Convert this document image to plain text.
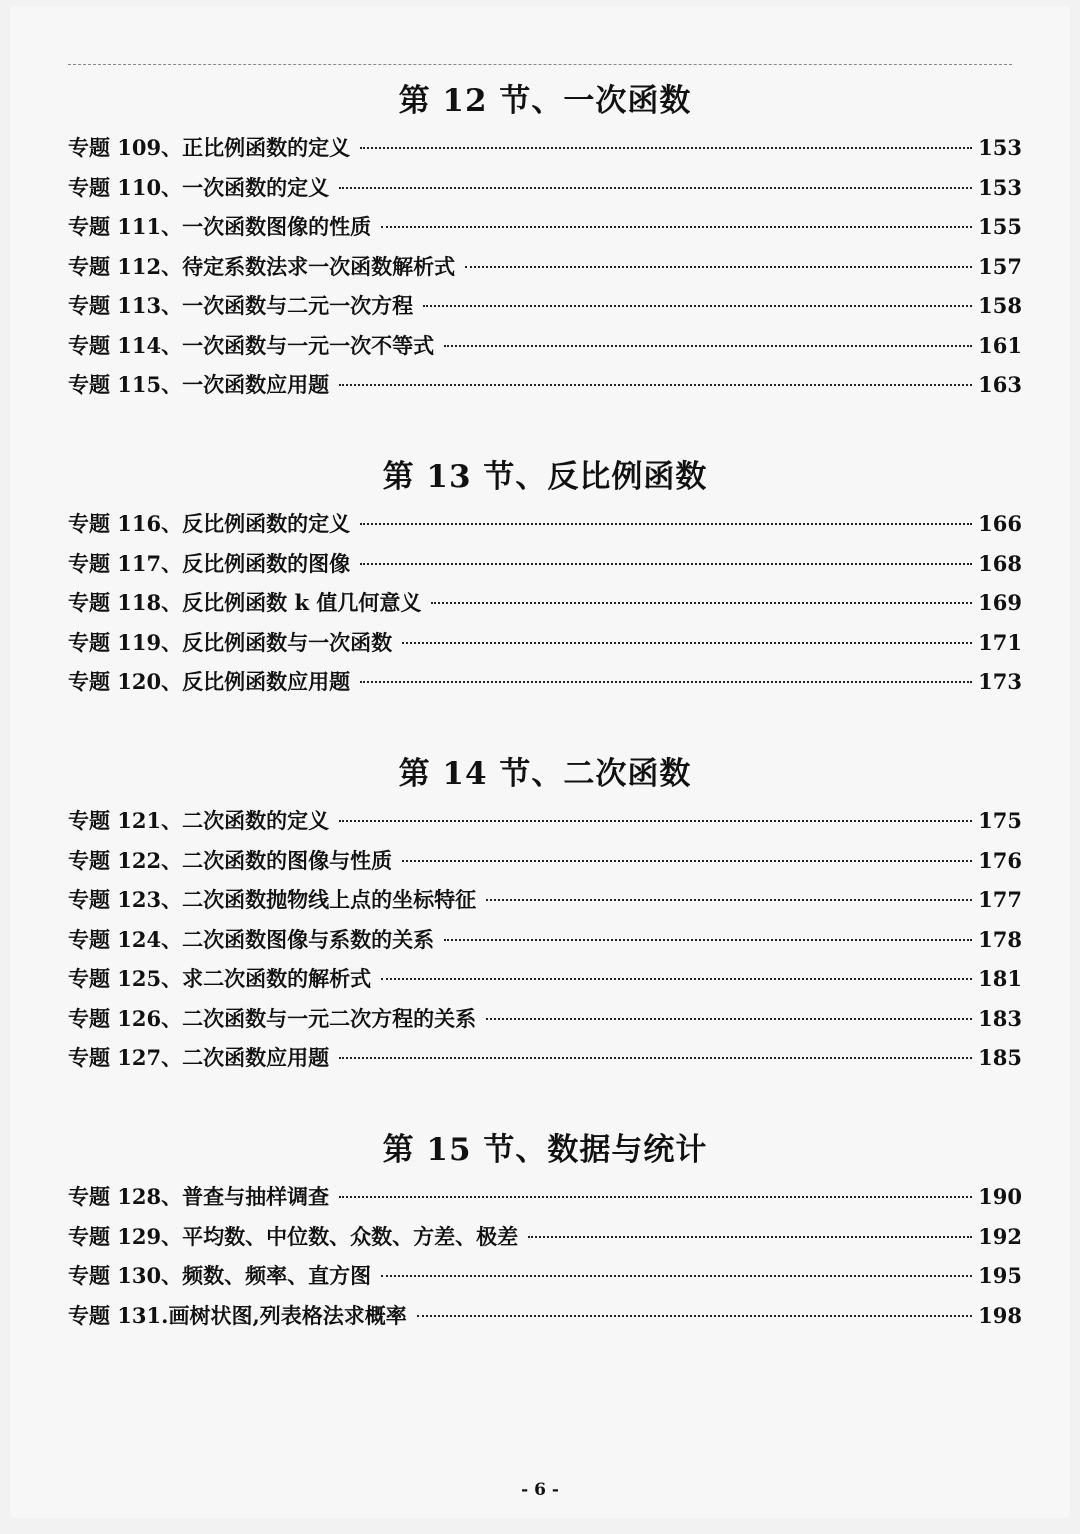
第 12 节、一次函数
专题 109、正比例函数的定义	153
专题 110、一次函数的定义	153
专题 111、一次函数图像的性质	155
专题 112、待定系数法求一次函数解析式	157
专题 113、一次函数与二元一次方程	158
专题 114、一次函数与一元一次不等式	161
专题 115、一次函数应用题	163
第 13 节、反比例函数
专题 116、反比例函数的定义	166
专题 117、反比例函数的图像	168
专题 118、反比例函数 k 值几何意义	169
专题 119、反比例函数与一次函数	171
专题 120、反比例函数应用题	173
第 14 节、二次函数
专题 121、二次函数的定义	175
专题 122、二次函数的图像与性质	176
专题 123、二次函数抛物线上点的坐标特征	177
专题 124、二次函数图像与系数的关系	178
专题 125、求二次函数的解析式	181
专题 126、二次函数与一元二次方程的关系	183
专题 127、二次函数应用题	185
第 15 节、数据与统计
专题 128、普查与抽样调查	190
专题 129、平均数、中位数、众数、方差、极差	192
专题 130、频数、频率、直方图	195
专题 131.画树状图,列表格法求概率	198
- 6 -
